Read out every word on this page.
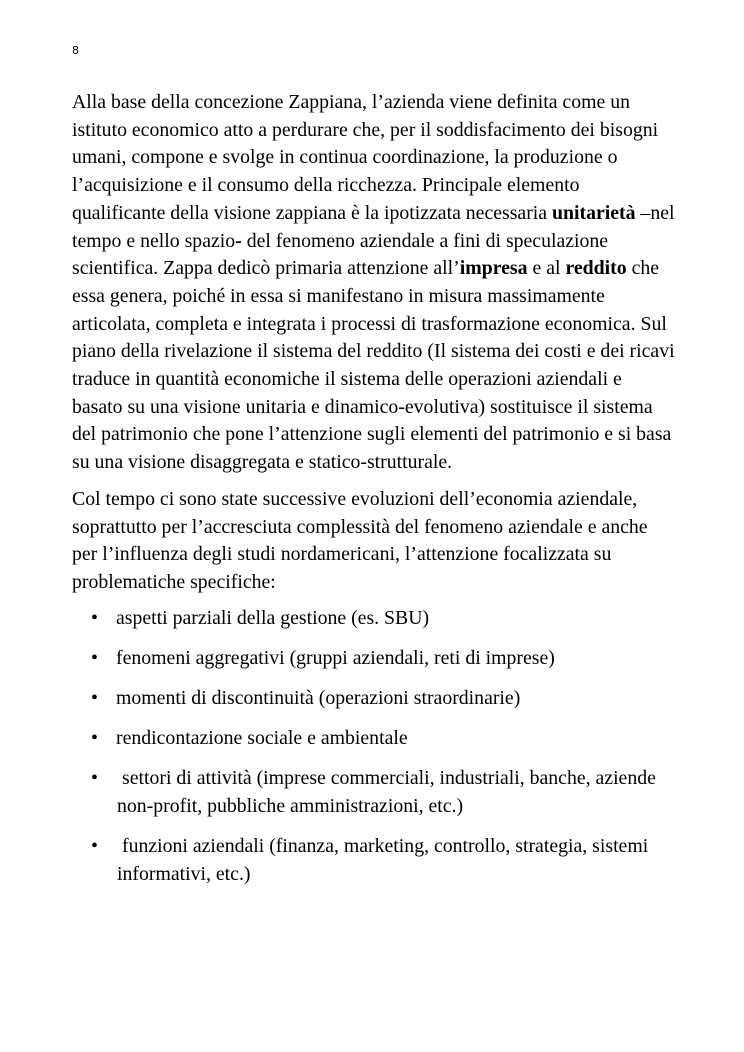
8

Alla base della concezione Zappiana, l’azienda viene definita come un istituto economico atto a perdurare che, per il soddisfacimento dei bisogni umani, compone e svolge in continua coordinazione, la produzione o l’acquisizione e il consumo della ricchezza. Principale elemento qualificante della visione zappiana è la ipotizzata necessaria unitarietà –nel tempo e nello spazio- del fenomeno aziendale a fini di speculazione scientifica. Zappa dedicò primaria attenzione all’impresa e al reddito che essa genera, poiché in essa si manifestano in misura massimamente articolata, completa e integrata i processi di trasformazione economica. Sul piano della rivelazione il sistema del reddito (Il sistema dei costi e dei ricavi traduce in quantità economiche il sistema delle operazioni aziendali e basato su una visione unitaria e dinamico-evolutiva) sostituisce il sistema del patrimonio che pone l’attenzione sugli elementi del patrimonio e si basa su una visione disaggregata e statico-strutturale.

Col tempo ci sono state successive evoluzioni dell’economia aziendale, soprattutto per l’accresciuta complessità del fenomeno aziendale e anche per l’influenza degli studi nordamericani, l’attenzione focalizzata su problematiche specifiche:

• aspetti parziali della gestione (es. SBU)
• fenomeni aggregativi (gruppi aziendali, reti di imprese)
• momenti di discontinuità (operazioni straordinarie)
• rendicontazione sociale e ambientale
• settori di attività (imprese commerciali, industriali, banche, aziende non-profit, pubbliche amministrazioni, etc.)
• funzioni aziendali (finanza, marketing, controllo, strategia, sistemi informativi, etc.)
